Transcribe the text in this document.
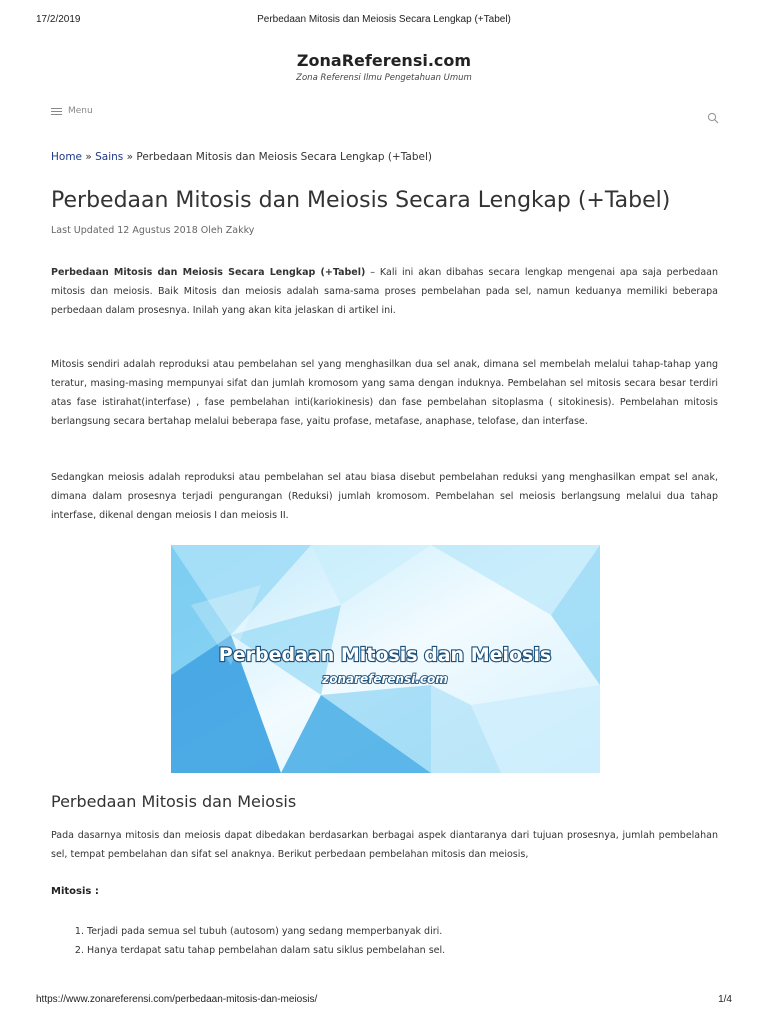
17/2/2019	Perbedaan Mitosis dan Meiosis Secara Lengkap (+Tabel)
ZonaReferensi.com
Zona Referensi Ilmu Pengetahuan Umum
Menu
Home » Sains » Perbedaan Mitosis dan Meiosis Secara Lengkap (+Tabel)
Perbedaan Mitosis dan Meiosis Secara Lengkap (+Tabel)
Last Updated 12 Agustus 2018 Oleh Zakky

Perbedaan Mitosis dan Meiosis Secara Lengkap (+Tabel) – Kali ini akan dibahas secara lengkap mengenai apa saja perbedaan mitosis dan meiosis. Baik Mitosis dan meiosis adalah sama-sama proses pembelahan pada sel, namun keduanya memiliki beberapa perbedaan dalam prosesnya. Inilah yang akan kita jelaskan di artikel ini.

Mitosis sendiri adalah reproduksi atau pembelahan sel yang menghasilkan dua sel anak, dimana sel membelah melalui tahap-tahap yang teratur, masing-masing mempunyai sifat dan jumlah kromosom yang sama dengan induknya. Pembelahan sel mitosis secara besar terdiri atas fase istirahat(interfase) , fase pembelahan inti(kariokinesis) dan fase pembelahan sitoplasma ( sitokinesis). Pembelahan mitosis berlangsung secara bertahap melalui beberapa fase, yaitu profase, metafase, anaphase, telofase, dan interfase.

Sedangkan meiosis adalah reproduksi atau pembelahan sel atau biasa disebut pembelahan reduksi yang menghasilkan empat sel anak, dimana dalam prosesnya terjadi pengurangan (Reduksi) jumlah kromosom. Pembelahan sel meiosis berlangsung melalui dua tahap interfase, dikenal dengan meiosis I dan meiosis II.

Perbedaan Mitosis dan Meiosis
zonareferensi.com
Perbedaan Mitosis dan Meiosis

Pada dasarnya mitosis dan meiosis dapat dibedakan berdasarkan berbagai aspek diantaranya dari tujuan prosesnya, jumlah pembelahan sel, tempat pembelahan dan sifat sel anaknya. Berikut perbedaan pembelahan mitosis dan meiosis,

Mitosis :
1. Terjadi pada semua sel tubuh (autosom) yang sedang memperbanyak diri.
2. Hanya terdapat satu tahap pembelahan dalam satu siklus pembelahan sel.
https://www.zonareferensi.com/perbedaan-mitosis-dan-meiosis/	1/4
